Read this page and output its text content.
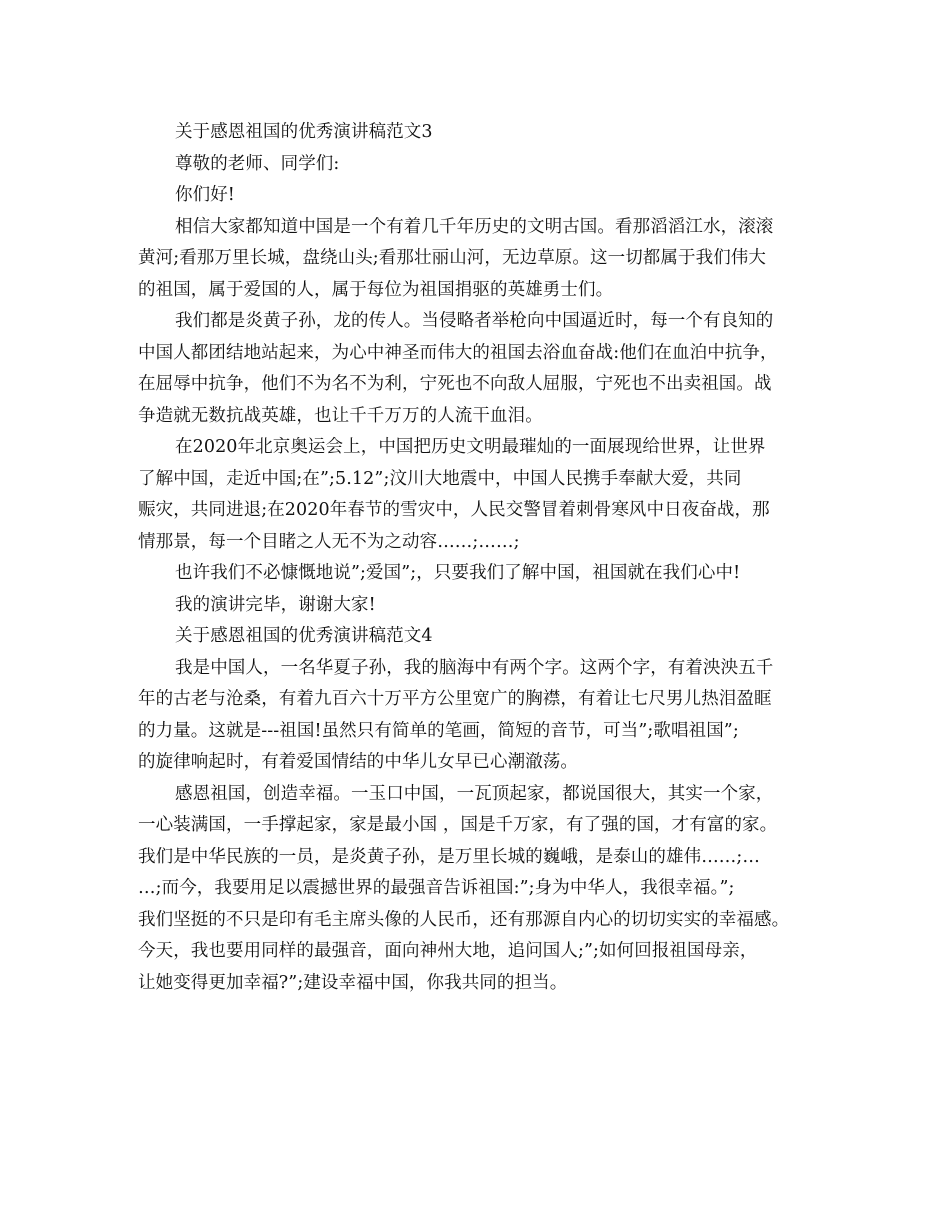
关于感恩祖国的优秀演讲稿范文3
尊敬的老师、同学们:
你们好!
相信大家都知道中国是一个有着几千年历史的文明古国。看那滔滔江水，滚滚
黄河;看那万里长城，盘绕山头;看那壮丽山河，无边草原。这一切都属于我们伟大
的祖国，属于爱国的人，属于每位为祖国捐驱的英雄勇士们。
我们都是炎黄子孙，龙的传人。当侵略者举枪向中国逼近时，每一个有良知的
中国人都团结地站起来，为心中神圣而伟大的祖国去浴血奋战:他们在血泊中抗争，
在屈辱中抗争，他们不为名不为利，宁死也不向敌人屈服，宁死也不出卖祖国。战
争造就无数抗战英雄，也让千千万万的人流干血泪。
在2020年北京奥运会上，中国把历史文明最璀灿的一面展现给世界，让世界
了解中国，走近中国;在”;5.12”;汶川大地震中，中国人民携手奉献大爱，共同
赈灾，共同进退;在2020年春节的雪灾中，人民交警冒着刺骨寒风中日夜奋战，那
情那景，每一个目睹之人无不为之动容……;……;
也许我们不必慷慨地说”;爱国”;，只要我们了解中国，祖国就在我们心中!
我的演讲完毕，谢谢大家!
关于感恩祖国的优秀演讲稿范文4
我是中国人，一名华夏子孙，我的脑海中有两个字。这两个字，有着泱泱五千
年的古老与沧桑，有着九百六十万平方公里宽广的胸襟，有着让七尺男儿热泪盈眶
的力量。这就是---祖国!虽然只有简单的笔画，简短的音节，可当”;歌唱祖国”;
的旋律响起时，有着爱国情结的中华儿女早已心潮澈荡。
感恩祖国，创造幸福。一玉口中国，一瓦顶起家，都说国很大，其实一个家，
一心装满国，一手撑起家，家是最小国 ，国是千万家，有了强的国，才有富的家。
我们是中华民族的一员，是炎黄子孙，是万里长城的巍峨，是泰山的雄伟……;…
…;而今，我要用足以震撼世界的最强音告诉祖国:”;身为中华人，我很幸福。”;
我们坚挺的不只是印有毛主席头像的人民币，还有那源自内心的切切实实的幸福感。
今天，我也要用同样的最强音，面向神州大地，追问国人;”;如何回报祖国母亲，
让她变得更加幸福?”;建设幸福中国，你我共同的担当。
